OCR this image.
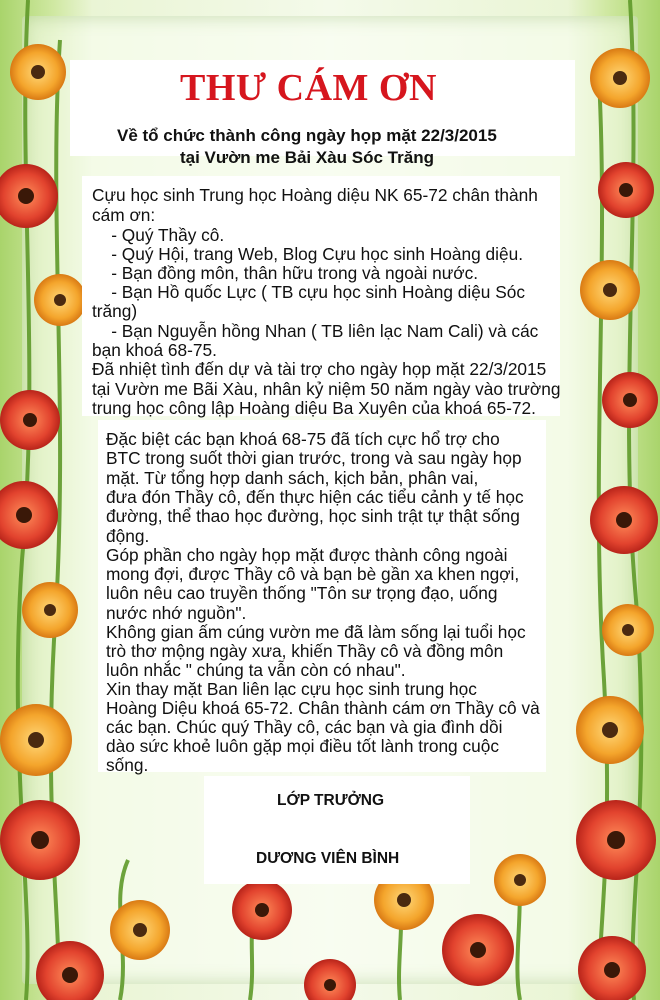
THƯ CÁM ƠN
Về tổ chức thành công ngày họp mặt 22/3/2015
tại Vườn me Bải Xàu Sóc Trăng
Cựu học sinh Trung học Hoàng diệu NK 65-72 chân thành
cám ơn:
- Quý Thầy cô.
- Quý Hội, trang Web, Blog Cựu học sinh Hoàng diệu.
- Bạn đồng môn, thân hữu trong và ngoài nước.
- Bạn Hồ quốc Lực ( TB cựu học sinh Hoàng diệu Sóc
trăng)
- Bạn Nguyễn hồng Nhan ( TB liên lạc Nam Cali) và các
bạn khoá 68-75.
Đã nhiệt tình đến dự và tài trợ cho ngày họp mặt 22/3/2015
tại Vườn me Bãi Xàu, nhân kỷ niệm 50 năm ngày vào trường
trung học công lập Hoàng diệu Ba Xuyên của khoá 65-72.
Đặc biệt các bạn khoá 68-75 đã tích cực hổ trợ cho
BTC trong suốt thời gian trước, trong và sau ngày họp
mặt. Từ tổng hợp danh sách, kịch bản, phân vai,
đưa đón Thầy cô, đến thực hiện các tiểu cảnh y tế học
đường, thể thao học đường, học sinh trật tự thật sống
động.
Góp phần cho ngày họp mặt được thành công ngoài
mong đợi, được Thầy cô và bạn bè gần xa khen ngợi,
luôn nêu cao truyền thống "Tôn sư trọng đạo, uống
nước nhớ nguồn".
Không gian ấm cúng vườn me đã làm sống lại tuổi học
trò thơ mộng ngày xưa, khiến Thầy cô và đồng môn
luôn nhắc " chúng ta vẫn còn có nhau".
Xin thay mặt Ban liên lạc cựu học sinh trung học
Hoàng Diệu khoá 65-72. Chân thành cám ơn Thầy cô và
các bạn. Chúc quý Thầy cô, các bạn và gia đình dồi
dào sức khoẻ luôn gặp mọi điều tốt lành trong cuộc
sống.
LỚP TRƯỞNG
DƯƠNG VIÊN BÌNH
